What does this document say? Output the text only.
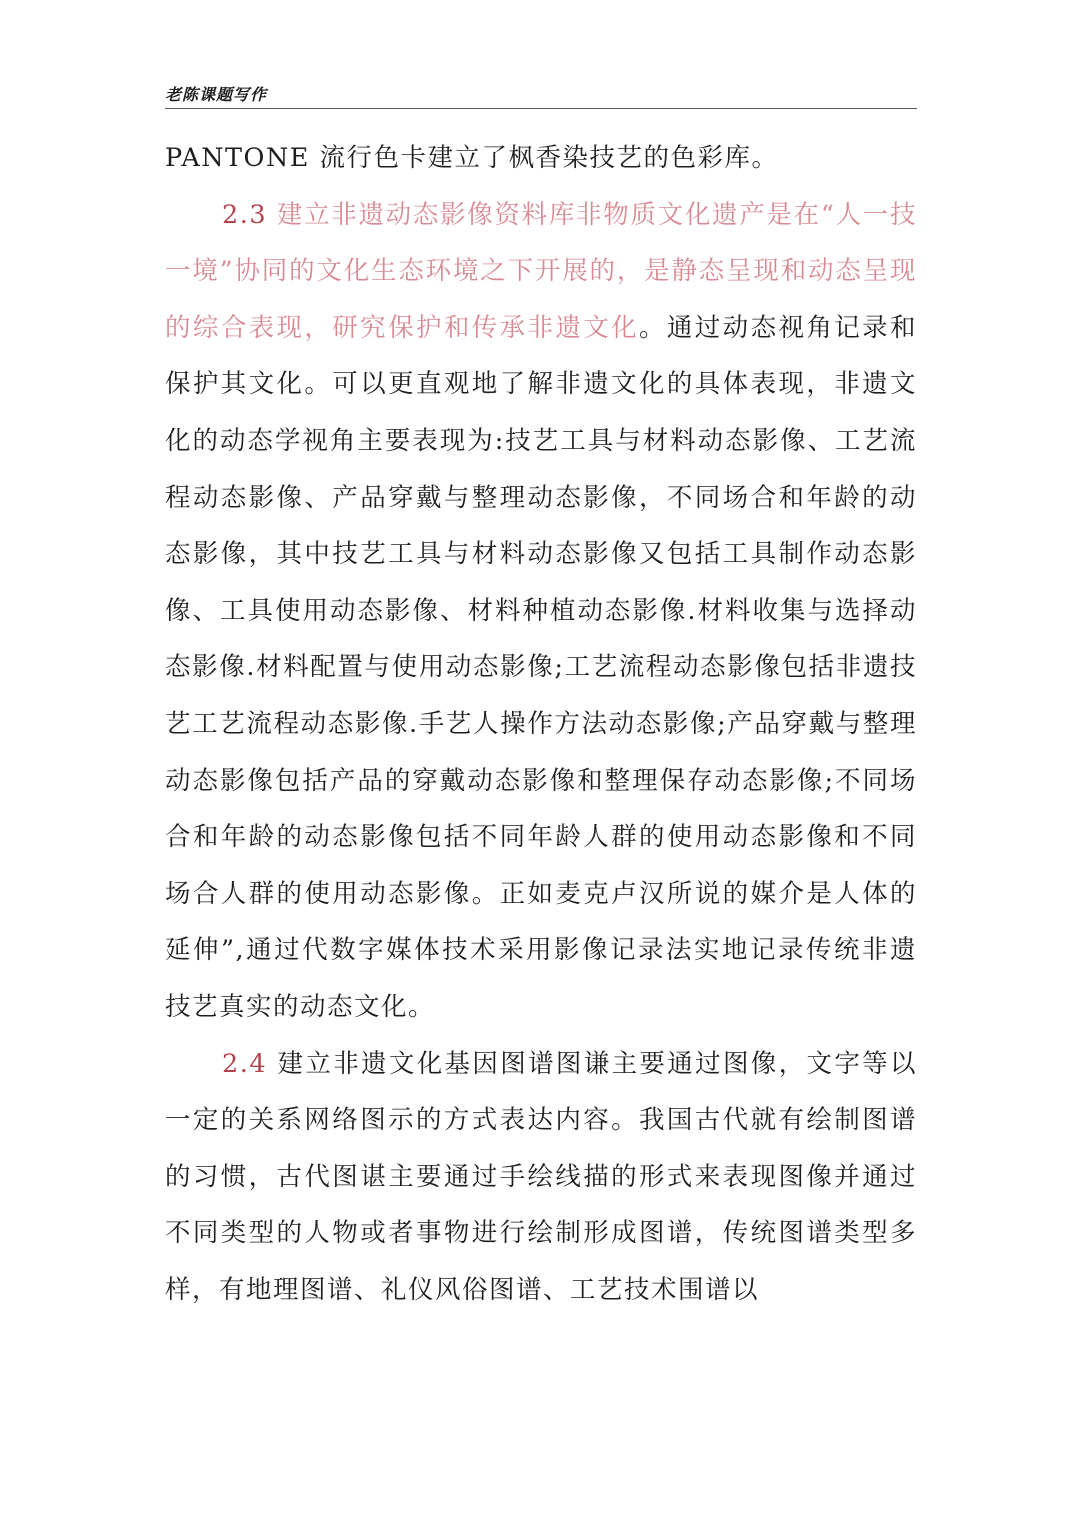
老陈课题写作

PANTONE 流行色卡建立了枫香染技艺的色彩库。

2.3 建立非遗动态影像资料库非物质文化遗产是在“人一技一境”协同的文化生态环境之下开展的，是静态呈现和动态呈现的综合表现，研究保护和传承非遗文化。通过动态视角记录和保护其文化。可以更直观地了解非遗文化的具体表现，非遗文化的动态学视角主要表现为:技艺工具与材料动态影像、工艺流程动态影像、产品穿戴与整理动态影像，不同场合和年龄的动态影像，其中技艺工具与材料动态影像又包括工具制作动态影像、工具使用动态影像、材料种植动态影像.材料收集与选择动态影像.材料配置与使用动态影像;工艺流程动态影像包括非遗技艺工艺流程动态影像.手艺人操作方法动态影像;产品穿戴与整理动态影像包括产品的穿戴动态影像和整理保存动态影像;不同场合和年龄的动态影像包括不同年龄人群的使用动态影像和不同场合人群的使用动态影像。正如麦克卢汉所说的媒介是人体的延伸”,通过代数字媒体技术采用影像记录法实地记录传统非遗技艺真实的动态文化。

2.4 建立非遗文化基因图谱图谦主要通过图像，文字等以一定的关系网络图示的方式表达内容。我国古代就有绘制图谱的习惯，古代图谌主要通过手绘线描的形式来表现图像并通过不同类型的人物或者事物进行绘制形成图谱，传统图谱类型多样，有地理图谱、礼仪风俗图谱、工艺技术围谱以
